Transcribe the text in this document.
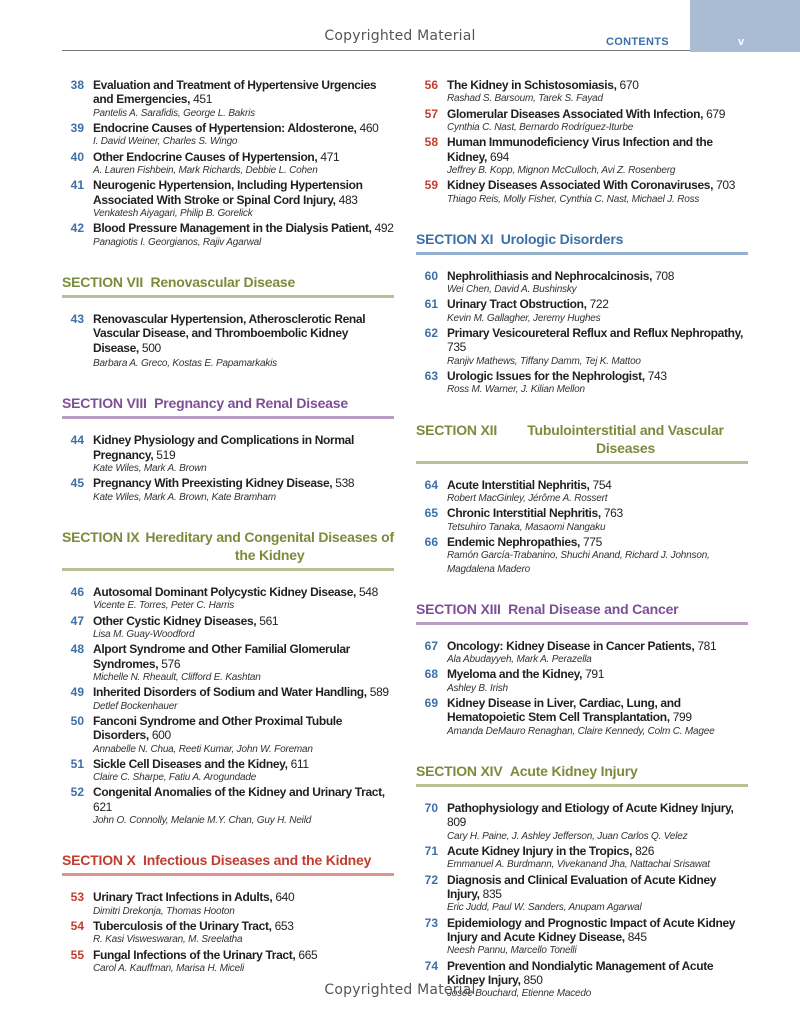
Copyrighted Material	CONTENTS	v
38 Evaluation and Treatment of Hypertensive Urgencies and Emergencies, 451
Pantelis A. Sarafidis, George L. Bakris
39 Endocrine Causes of Hypertension: Aldosterone, 460
I. David Weiner, Charles S. Wingo
40 Other Endocrine Causes of Hypertension, 471
A. Lauren Fishbein, Mark Richards, Debbie L. Cohen
41 Neurogenic Hypertension, Including Hypertension Associated With Stroke or Spinal Cord Injury, 483
Venkatesh Aiyagari, Philip B. Gorelick
42 Blood Pressure Management in the Dialysis Patient, 492
Panagiotis I. Georgianos, Rajiv Agarwal
SECTION VII Renovascular Disease
43 Renovascular Hypertension, Atherosclerotic Renal Vascular Disease, and Thromboembolic Kidney Disease, 500
Barbara A. Greco, Kostas E. Papamarkakis
SECTION VIII Pregnancy and Renal Disease
44 Kidney Physiology and Complications in Normal Pregnancy, 519
Kate Wiles, Mark A. Brown
45 Pregnancy With Preexisting Kidney Disease, 538
Kate Wiles, Mark A. Brown, Kate Bramham
SECTION IX Hereditary and Congenital Diseases of the Kidney
46 Autosomal Dominant Polycystic Kidney Disease, 548
Vicente E. Torres, Peter C. Harris
47 Other Cystic Kidney Diseases, 561
Lisa M. Guay-Woodford
48 Alport Syndrome and Other Familial Glomerular Syndromes, 576
Michelle N. Rheault, Clifford E. Kashtan
49 Inherited Disorders of Sodium and Water Handling, 589
Detlef Bockenhauer
50 Fanconi Syndrome and Other Proximal Tubule Disorders, 600
Annabelle N. Chua, Reeti Kumar, John W. Foreman
51 Sickle Cell Diseases and the Kidney, 611
Claire C. Sharpe, Fatiu A. Arogundade
52 Congenital Anomalies of the Kidney and Urinary Tract, 621
John O. Connolly, Melanie M.Y. Chan, Guy H. Neild
SECTION X Infectious Diseases and the Kidney
53 Urinary Tract Infections in Adults, 640
Dimitri Drekonja, Thomas Hooton
54 Tuberculosis of the Urinary Tract, 653
R. Kasi Visweswaran, M. Sreelatha
55 Fungal Infections of the Urinary Tract, 665
Carol A. Kauffman, Marisa H. Miceli
56 The Kidney in Schistosomiasis, 670
Rashad S. Barsoum, Tarek S. Fayad
57 Glomerular Diseases Associated With Infection, 679
Cynthia C. Nast, Bernardo Rodríguez-Iturbe
58 Human Immunodeficiency Virus Infection and the Kidney, 694
Jeffrey B. Kopp, Mignon McCulloch, Avi Z. Rosenberg
59 Kidney Diseases Associated With Coronaviruses, 703
Thiago Reis, Molly Fisher, Cynthia C. Nast, Michael J. Ross
SECTION XI Urologic Disorders
60 Nephrolithiasis and Nephrocalcinosis, 708
Wei Chen, David A. Bushinsky
61 Urinary Tract Obstruction, 722
Kevin M. Gallagher, Jeremy Hughes
62 Primary Vesicoureteral Reflux and Reflux Nephropathy, 735
Ranjiv Mathews, Tiffany Damm, Tej K. Mattoo
63 Urologic Issues for the Nephrologist, 743
Ross M. Warner, J. Kilian Mellon
SECTION XII	Tubulointerstitial and Vascular Diseases
64 Acute Interstitial Nephritis, 754
Robert MacGinley, Jérôme A. Rossert
65 Chronic Interstitial Nephritis, 763
Tetsuhiro Tanaka, Masaomi Nangaku
66 Endemic Nephropathies, 775
Ramón García-Trabanino, Shuchi Anand, Richard J. Johnson, Magdalena Madero
SECTION XIII Renal Disease and Cancer
67 Oncology: Kidney Disease in Cancer Patients, 781
Ala Abudayyeh, Mark A. Perazella
68 Myeloma and the Kidney, 791
Ashley B. Irish
69 Kidney Disease in Liver, Cardiac, Lung, and Hematopoietic Stem Cell Transplantation, 799
Amanda DeMauro Renaghan, Claire Kennedy, Colm C. Magee
SECTION XIV Acute Kidney Injury
70 Pathophysiology and Etiology of Acute Kidney Injury, 809
Cary H. Paine, J. Ashley Jefferson, Juan Carlos Q. Velez
71 Acute Kidney Injury in the Tropics, 826
Emmanuel A. Burdmann, Vivekanand Jha, Nattachai Srisawat
72 Diagnosis and Clinical Evaluation of Acute Kidney Injury, 835
Eric Judd, Paul W. Sanders, Anupam Agarwal
73 Epidemiology and Prognostic Impact of Acute Kidney Injury and Acute Kidney Disease, 845
Neesh Pannu, Marcello Tonelli
74 Prevention and Nondialytic Management of Acute Kidney Injury, 850
Josée Bouchard, Etienne Macedo
Copyrighted Material
